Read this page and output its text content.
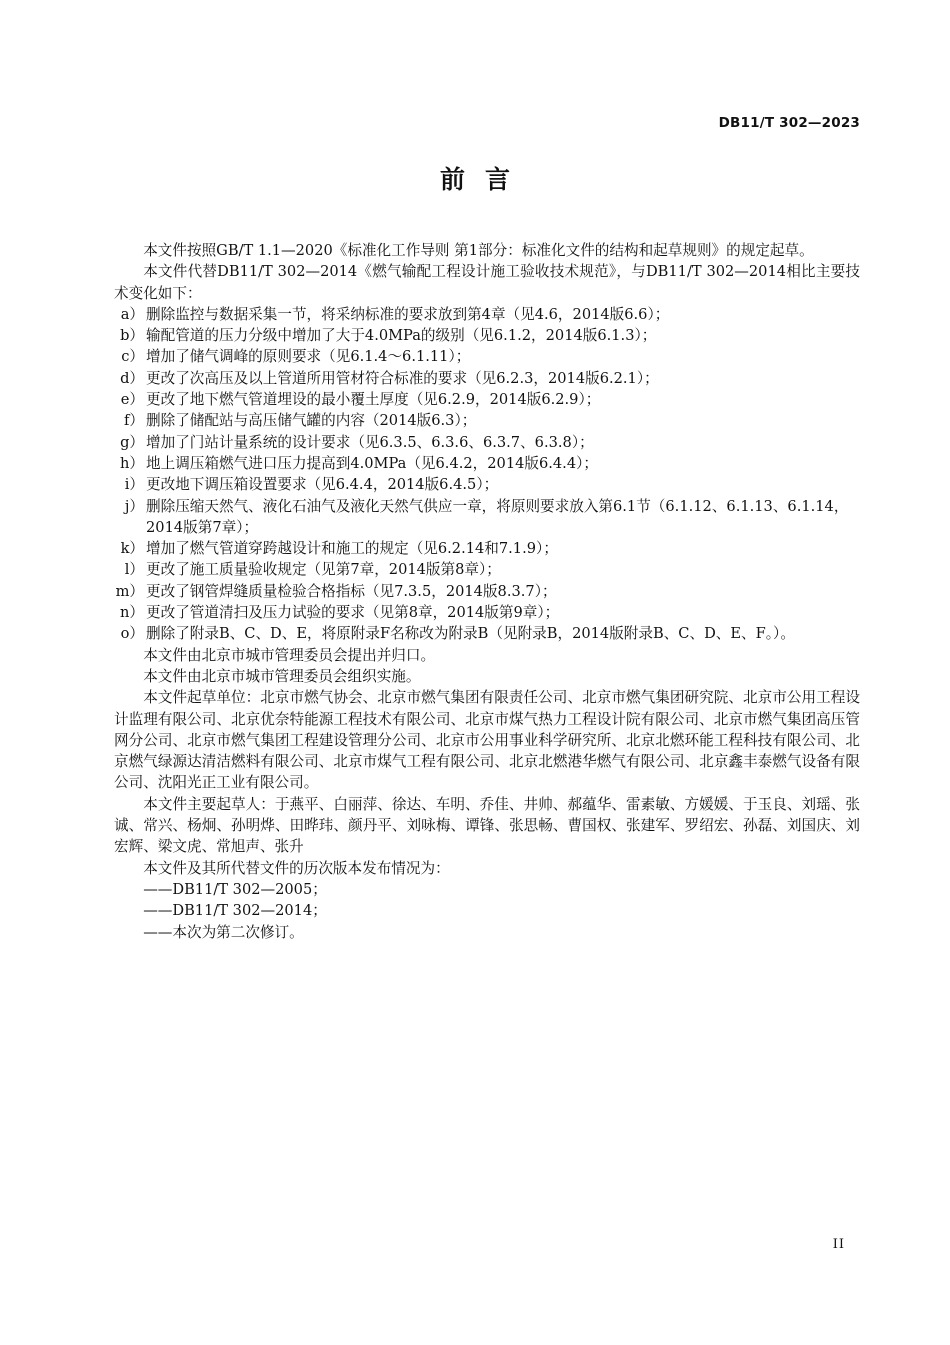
DB11/T 302—2023
前言

本文件按照GB/T 1.1—2020《标准化工作导则 第1部分：标准化文件的结构和起草规则》的规定起草。

本文件代替DB11/T 302—2014《燃气输配工程设计施工验收技术规范》，与DB11/T 302—2014相比主要技术变化如下：

a） 删除监控与数据采集一节，将采纳标准的要求放到第4章（见4.6，2014版6.6）；
b） 输配管道的压力分级中增加了大于4.0MPa的级别（见6.1.2，2014版6.1.3）；
c） 增加了储气调峰的原则要求（见6.1.4～6.1.11）；
d） 更改了次高压及以上管道所用管材符合标准的要求（见6.2.3，2014版6.2.1）；
e） 更改了地下燃气管道埋设的最小覆土厚度（见6.2.9，2014版6.2.9）；
f） 删除了储配站与高压储气罐的内容（2014版6.3）；
g） 增加了门站计量系统的设计要求（见6.3.5、6.3.6、6.3.7、6.3.8）；
h） 地上调压箱燃气进口压力提高到4.0MPa（见6.4.2，2014版6.4.4）；
i） 更改地下调压箱设置要求（见6.4.4，2014版6.4.5）；
j） 删除压缩天然气、液化石油气及液化天然气供应一章，将原则要求放入第6.1节（6.1.12、6.1.13、6.1.14，2014版第7章）；
k） 增加了燃气管道穿跨越设计和施工的规定（见6.2.14和7.1.9）；
l） 更改了施工质量验收规定（见第7章，2014版第8章）；
m） 更改了钢管焊缝质量检验合格指标（见7.3.5，2014版8.3.7）；
n） 更改了管道清扫及压力试验的要求（见第8章，2014版第9章）；
o） 删除了附录B、C、D、E，将原附录F名称改为附录B（见附录B，2014版附录B、C、D、E、F。）。

本文件由北京市城市管理委员会提出并归口。

本文件由北京市城市管理委员会组织实施。

本文件起草单位：北京市燃气协会、北京市燃气集团有限责任公司、北京市燃气集团研究院、北京市公用工程设计监理有限公司、北京优奈特能源工程技术有限公司、北京市煤气热力工程设计院有限公司、北京市燃气集团高压管网分公司、北京市燃气集团工程建设管理分公司、北京市公用事业科学研究所、北京北燃环能工程科技有限公司、北京燃气绿源达清洁燃料有限公司、北京市煤气工程有限公司、北京北燃港华燃气有限公司、北京鑫丰泰燃气设备有限公司、沈阳光正工业有限公司。

本文件主要起草人：于燕平、白丽萍、徐达、车明、乔佳、井帅、郝蕴华、雷素敏、方媛媛、于玉良、刘瑶、张诚、常兴、杨炯、孙明烨、田晔玮、颜丹平、刘咏梅、谭锋、张思畅、曹国权、张建军、罗绍宏、孙磊、刘国庆、刘宏辉、梁文虎、常旭声、张升

本文件及其所代替文件的历次版本发布情况为：

——DB11/T 302—2005；

——DB11/T 302—2014；

——本次为第二次修订。

II
